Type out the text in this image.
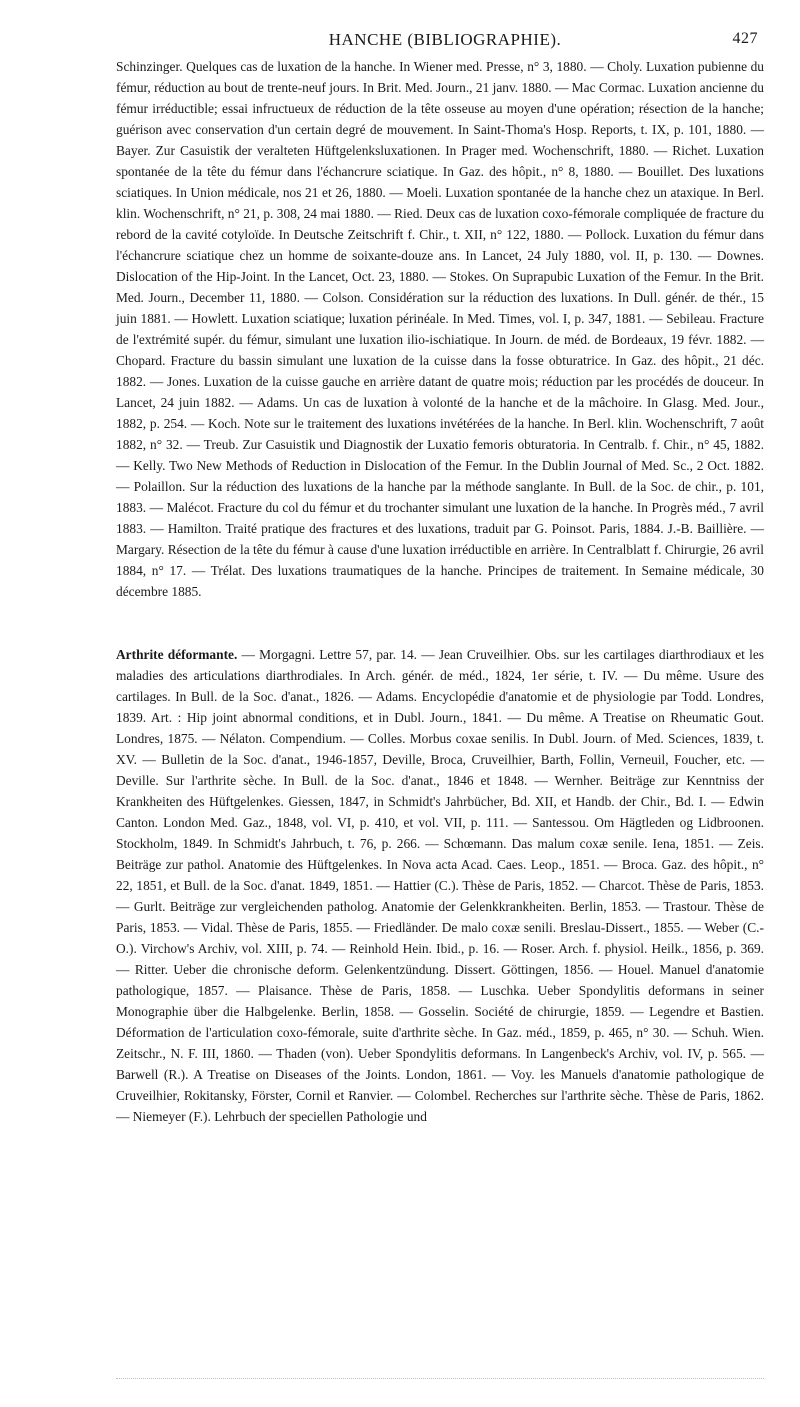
HANCHE (BIBLIOGRAPHIE).	427

Schinzinger. Quelques cas de luxation de la hanche. In Wiener med. Presse, n° 3, 1880. — Choly. Luxation pubienne du fémur, réduction au bout de trente-neuf jours. In Brit. Med. Journ., 21 janv. 1880. — Mac Cormac. Luxation ancienne du fémur irréductible; essai infructueux de réduction de la tête osseuse au moyen d'une opération; résection de la hanche; guérison avec conservation d'un certain degré de mouvement. In Saint-Thoma's Hosp. Reports, t. IX, p. 101, 1880. — Bayer. Zur Casuistik der veralteten Hüftgelenksluxationen. In Prager med. Wochenschrift, 1880. — Richet. Luxation spontanée de la tête du fémur dans l'échancrure sciatique. In Gaz. des hôpit., n° 8, 1880. — Bouillet. Des luxations sciatiques. In Union médicale, nos 21 et 26, 1880. — Moeli. Luxation spontanée de la hanche chez un ataxique. In Berl. klin. Wochenschrift, n° 21, p. 308, 24 mai 1880. — Ried. Deux cas de luxation coxo-fémorale compliquée de fracture du rebord de la cavité cotyloïde. In Deutsche Zeitschrift f. Chir., t. XII, n° 122, 1880. — Pollock. Luxation du fémur dans l'échancrure sciatique chez un homme de soixante-douze ans. In Lancet, 24 July 1880, vol. II, p. 130. — Downes. Dislocation of the Hip-Joint. In the Lancet, Oct. 23, 1880. — Stokes. On Suprapubic Luxation of the Femur. In the Brit. Med. Journ., December 11, 1880. — Colson. Considération sur la réduction des luxations. In Dull. génér. de thér., 15 juin 1881. — Howlett. Luxation sciatique; luxation périnéale. In Med. Times, vol. I, p. 347, 1881. — Sebileau. Fracture de l'extrémité supér. du fémur, simulant une luxation ilio-ischiatique. In Journ. de méd. de Bordeaux, 19 févr. 1882. — Chopard. Fracture du bassin simulant une luxation de la cuisse dans la fosse obturatrice. In Gaz. des hôpit., 21 déc. 1882. — Jones. Luxation de la cuisse gauche en arrière datant de quatre mois; réduction par les procédés de douceur. In Lancet, 24 juin 1882. — Adams. Un cas de luxation à volonté de la hanche et de la mâchoire. In Glasg. Med. Jour., 1882, p. 254. — Koch. Note sur le traitement des luxations invétérées de la hanche. In Berl. klin. Wochenschrift, 7 août 1882, n° 32. — Treub. Zur Casuistik und Diagnostik der Luxatio femoris obturatoria. In Centralb. f. Chir., n° 45, 1882. — Kelly. Two New Methods of Reduction in Dislocation of the Femur. In the Dublin Journal of Med. Sc., 2 Oct. 1882. — Polaillon. Sur la réduction des luxations de la hanche par la méthode sanglante. In Bull. de la Soc. de chir., p. 101, 1883. — Malécot. Fracture du col du fémur et du trochanter simulant une luxation de la hanche. In Progrès méd., 7 avril 1883. — Hamilton. Traité pratique des fractures et des luxations, traduit par G. Poinsot. Paris, 1884. J.-B. Baillière. — Margary. Résection de la tête du fémur à cause d'une luxation irréductible en arrière. In Centralblatt f. Chirurgie, 26 avril 1884, n° 17. — Trélat. Des luxations traumatiques de la hanche. Principes de traitement. In Semaine médicale, 30 décembre 1885.

Arthrite déformante. — Morgagni. Lettre 57, par. 14. — Jean Cruveilhier. Obs. sur les cartilages diarthrodiaux et les maladies des articulations diarthrodiales. In Arch. génér. de méd., 1824, 1er série, t. IV. — Du même. Usure des cartilages. In Bull. de la Soc. d'anat., 1826. — Adams. Encyclopédie d'anatomie et de physiologie par Todd. Londres, 1839. Art. : Hip joint abnormal conditions, et in Dubl. Journ., 1841. — Du même. A Treatise on Rheumatic Gout. Londres, 1875. — Nélaton. Compendium. — Colles. Morbus coxae senilis. In Dubl. Journ. of Med. Sciences, 1839, t. XV. — Bulletin de la Soc. d'anat., 1946-1857, Deville, Broca, Cruveilhier, Barth, Follin, Verneuil, Foucher, etc. — Deville. Sur l'arthrite sèche. In Bull. de la Soc. d'anat., 1846 et 1848. — Wernher. Beiträge zur Kenntniss der Krankheiten des Hüftgelenkes. Giessen, 1847, in Schmidt's Jahrbücher, Bd. XII, et Handb. der Chir., Bd. I. — Edwin Canton. London Med. Gaz., 1848, vol. VI, p. 410, et vol. VII, p. 111. — Santessou. Om Hägtleden og Lidbroonen. Stockholm, 1849. In Schmidt's Jahrbuch, t. 76, p. 266. — Schœmann. Das malum coxæ senile. Iena, 1851. — Zeis. Beiträge zur pathol. Anatomie des Hüftgelenkes. In Nova acta Acad. Caes. Leop., 1851. — Broca. Gaz. des hôpit., n° 22, 1851, et Bull. de la Soc. d'anat. 1849, 1851. — Hattier (C.). Thèse de Paris, 1852. — Charcot. Thèse de Paris, 1853. — Gurlt. Beiträge zur vergleichenden patholog. Anatomie der Gelenkkrankheiten. Berlin, 1853. — Trastour. Thèse de Paris, 1853. — Vidal. Thèse de Paris, 1855. — Friedländer. De malo coxæ senili. Breslau-Dissert., 1855. — Weber (C.-O.). Virchow's Archiv, vol. XIII, p. 74. — Reinhold Hein. Ibid., p. 16. — Roser. Arch. f. physiol. Heilk., 1856, p. 369. — Ritter. Ueber die chronische deform. Gelenkentzündung. Dissert. Göttingen, 1856. — Houel. Manuel d'anatomie pathologique, 1857. — Plaisance. Thèse de Paris, 1858. — Luschka. Ueber Spondylitis deformans in seiner Monographie über die Halbgelenke. Berlin, 1858. — Gosselin. Société de chirurgie, 1859. — Legendre et Bastien. Déformation de l'articulation coxo-fémorale, suite d'arthrite sèche. In Gaz. méd., 1859, p. 465, n° 30. — Schuh. Wien. Zeitschr., N. F. III, 1860. — Thaden (von). Ueber Spondylitis deformans. In Langenbeck's Archiv, vol. IV, p. 565. — Barwell (R.). A Treatise on Diseases of the Joints. London, 1861. — Voy. les Manuels d'anatomie pathologique de Cruveilhier, Rokitansky, Förster, Cornil et Ranvier. — Colombel. Recherches sur l'arthrite sèche. Thèse de Paris, 1862. — Niemeyer (F.). Lehrbuch der speciellen Pathologie und
